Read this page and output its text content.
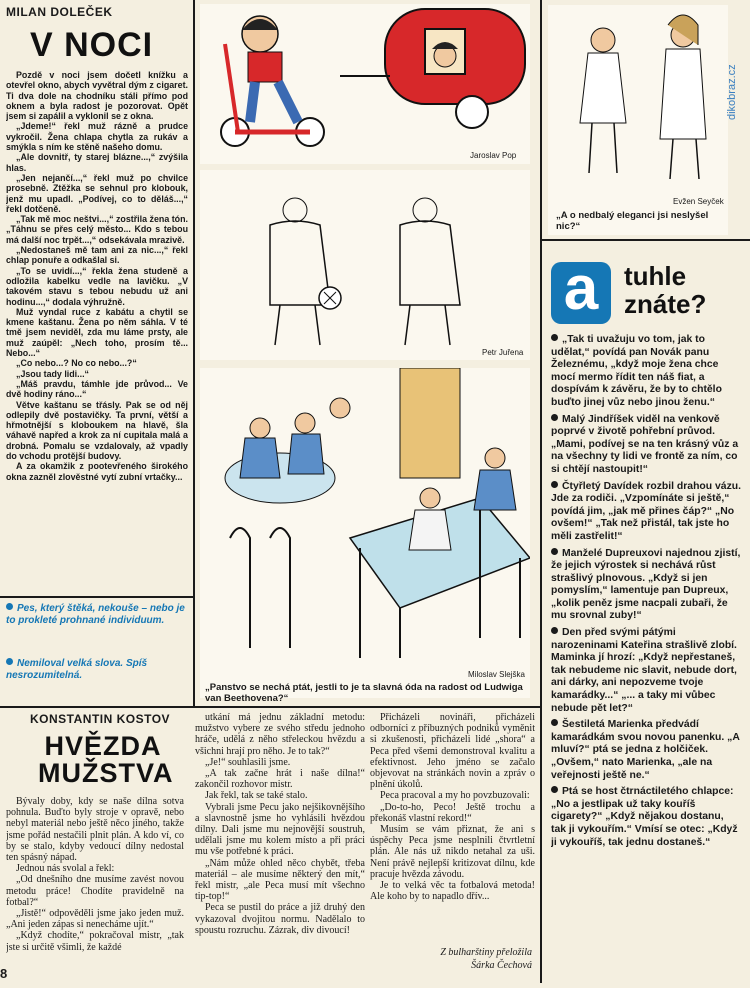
MILAN DOLEČEK
V NOCI

Pozdě v noci jsem dočetl knížku a otevřel okno, abych vyvětral dým z cigaret. Ti dva dole na chodníku stáli přímo pod oknem a byla radost je pozorovat. Opět jsem si zapálil a vyklonil se z okna.

„Jdeme!“ řekl muž rázně a prudce vykročil. Žena chlapa chytla za rukáv a smýkla s ním ke stěně našeho domu.

„Ale dovnitř, ty starej blázne...,“ zvýšila hlas.

„Jen nejančí...,“ řekl muž po chvilce prosebně. Ztěžka se sehnul pro klobouk, jenž mu upadl. „Podívej, co to děláš...,“ řekl dotčeně.

„Tak mě moc neštvi...,“ zostřila žena tón. „Táhnu se přes celý město... Kdo s tebou má další noc trpět...,“ odsekávala mrazivě.

„Nedostaneš mě tam ani za nic...,“ řekl chlap ponuře a odkašlal si.

„To se uvidí...,“ řekla žena studeně a odložila kabelku vedle na lavičku. „V takovém stavu s tebou nebudu už ani hodinu...,“ dodala výhružně.

Muž vyndal ruce z kabátu a chytil se kmene kaštanu. Žena po něm sáhla. V té tmě jsem neviděl, zda mu láme prsty, ale muž zaúpěl: „Nech toho, prosím tě... Nebo...“

„Co nebo...? No co nebo...?“

„Jsou tady lidi...“

„Máš pravdu, támhle jde průvod... Ve dvě hodiny ráno...“

Větve kaštanu se třásly. Pak se od něj odlepily dvě postavičky. Ta první, větší a hřmotnější s kloboukem na hlavě, šla váhavě napřed a krok za ní cupitala malá a drobná. Pomalu se vzdalovaly, až vpadly do vchodu protější budovy.

A za okamžik z pootevřeného širokého okna zazněl zlověstné vytí zubní vrtačky...

Pes, který štěká, nekouše – nebo je to prokleté prohnané individuum.
Nemiloval velká slova. Spíš nesrozumitelná.
Jaroslav Pop
Petr Juřena
Miloslav Slejška
„Panstvo se nechá ptát, jestli to je ta slavná óda na radost od Ludwiga van Beethovena?“
Evžen Seyček
„A o nedbalý eleganci jsi neslyšel nic?“
a tuhle
znáte?

„Tak ti uvažuju vo tom, jak to udělat,“ povídá pan Novák panu Železnému, „když moje žena chce mocí mermo řídit ten náš fiat, a dospívám k závěru, že by to chtělo buďto jinej vůz nebo jinou ženu.“

Malý Jindříšek viděl na venkově poprvé v životě pohřební průvod. „Mami, podívej se na ten krásný vůz a na všechny ty lidi ve frontě za ním, co si chtějí nastoupit!“

Čtyřletý Davídek rozbil drahou vázu. Jde za rodiči. „Vzpomínáte si ještě,“ povídá jim, „jak mě přines čáp?“ „No ovšem!“ „Tak než přistál, tak jste ho měli zastřelit!“

Manželé Dupreuxovi najednou zjistí, že jejich výrostek si nechává růst strašlivý plnovous. „Když si jen pomyslím,“ lamentuje pan Dupreux, „kolik peněz jsme nacpali zubaři, že mu srovnal zuby!“

Den před svými pátými narozeninami Kateřina strašlivě zlobí. Maminka jí hrozí: „Když nepřestaneš, tak nebudeme nic slavit, nebude dort, ani dárky, ani nepozveme tvoje kamarádky...“ „... a taky mi vůbec nebude pět let?“

Šestiletá Marienka předvádí kamarádkám svou novou panenku. „A mluví?“ ptá se jedna z holčiček. „Ovšem,“ nato Marienka, „ale na veřejnosti ještě ne.“

Ptá se host čtrnáctiletého chlapce: „No a jestlipak už taky kouříš cigarety?“ „Když nějakou dostanu, tak ji vykouřím.“ Vmísí se otec: „Když ji vykouříš, tak jednu dostaneš.“

KONSTANTIN KOSTOV
HVĚZDA
MUŽSTVA

Bývaly doby, kdy se naše dílna sotva pohnula. Buďto byly stroje v opravě, nebo nebyl materiál nebo ještě něco jiného, takže jsme pořád nestačili plnit plán. A kdo ví, co by se stalo, kdyby vedoucí dílny nedostal ten spásný nápad.

Jednou nás svolal a řekl:

„Od dnešního dne musíme zavést novou metodu práce! Chodíte pravidelně na fotbal?“

„Jistě!“ odpověděli jsme jako jeden muž. „Ani jeden zápas si nenecháme ujít.“

„Když chodíte,“ pokračoval mistr, „tak jste si určitě všimli, že každé

utkání má jednu základní metodu: mužstvo vybere ze svého středu jednoho hráče, udělá z něho střeleckou hvězdu a všichni hrají pro něho. Je to tak?“

„Je!“ souhlasili jsme.

„A tak začne hrát i naše dílna!“ zakončil rozhovor mistr.

Jak řekl, tak se také stalo.

Vybrali jsme Pecu jako nejšikovnějšího a slavnostně jsme ho vyhlásili hvězdou dílny. Dali jsme mu nejnovější soustruh, udělali jsme mu kolem místo a při práci mu vše potřebné k práci.

„Nám může ohled něco chybět, třeba materiál – ale musíme některý den mít,“ řekl mistr, „ale Peca musí mít všechno tip-top!“

Peca se pustil do práce a již druhý den vykazoval dvojitou normu. Nadělalo to spoustu rozruchu. Zázrak, div divoucí!

Přicházeli novináři, přicházeli odborníci z příbuzných podniků vyměnit si zkušenosti, přicházeli lidé „shora“ a Peca před všemi demonstroval kvalitu a efektivnost. Jeho jméno se začalo objevovat na stránkách novin a zpráv o plnění úkolů.

Peca pracoval a my ho povzbuzovali:

„Do-to-ho, Peco! Ještě trochu a překonáš vlastní rekord!“

Musím se vám přiznat, že ani s úspěchy Peca jsme nesplnili čtvrtletní plán. Ale nás už nikdo netahal za uši. Není právě nejlepší kritizovat dílnu, kde pracuje hvězda závodu.

Je to velká věc ta fotbalová metoda! Ale koho by to napadlo dřív...

Z bulharštiny přeložila
Šárka Čechová
8
dikobraz.cz
